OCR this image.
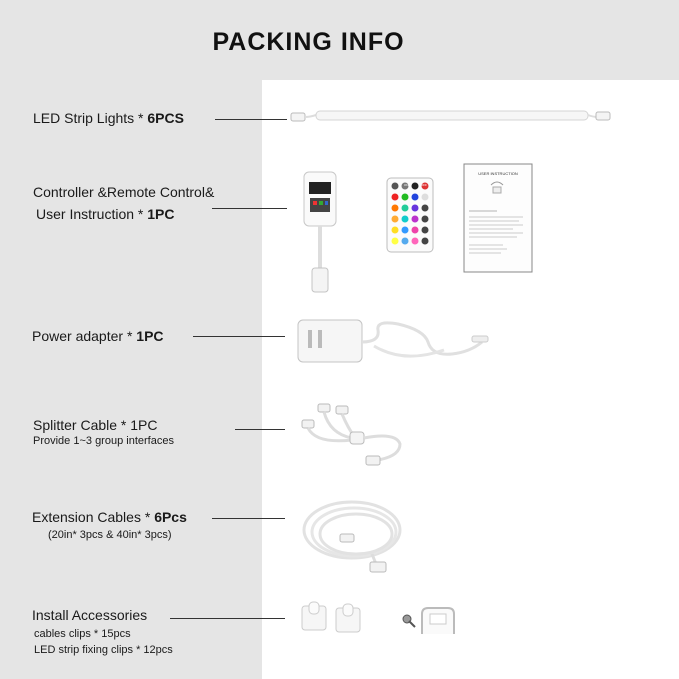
PACKING INFO
LED Strip Lights * 6PCS
Controller &Remote Control&
User Instruction * 1PC
ON	OFF
USER INSTRUCTION
Power adapter * 1PC
Splitter Cable * 1PC
Provide 1~3 group interfaces
Extension Cables * 6Pcs
(20in* 3pcs & 40in* 3pcs)
Install Accessories
cables clips * 15pcs
LED strip fixing clips * 12pcs
